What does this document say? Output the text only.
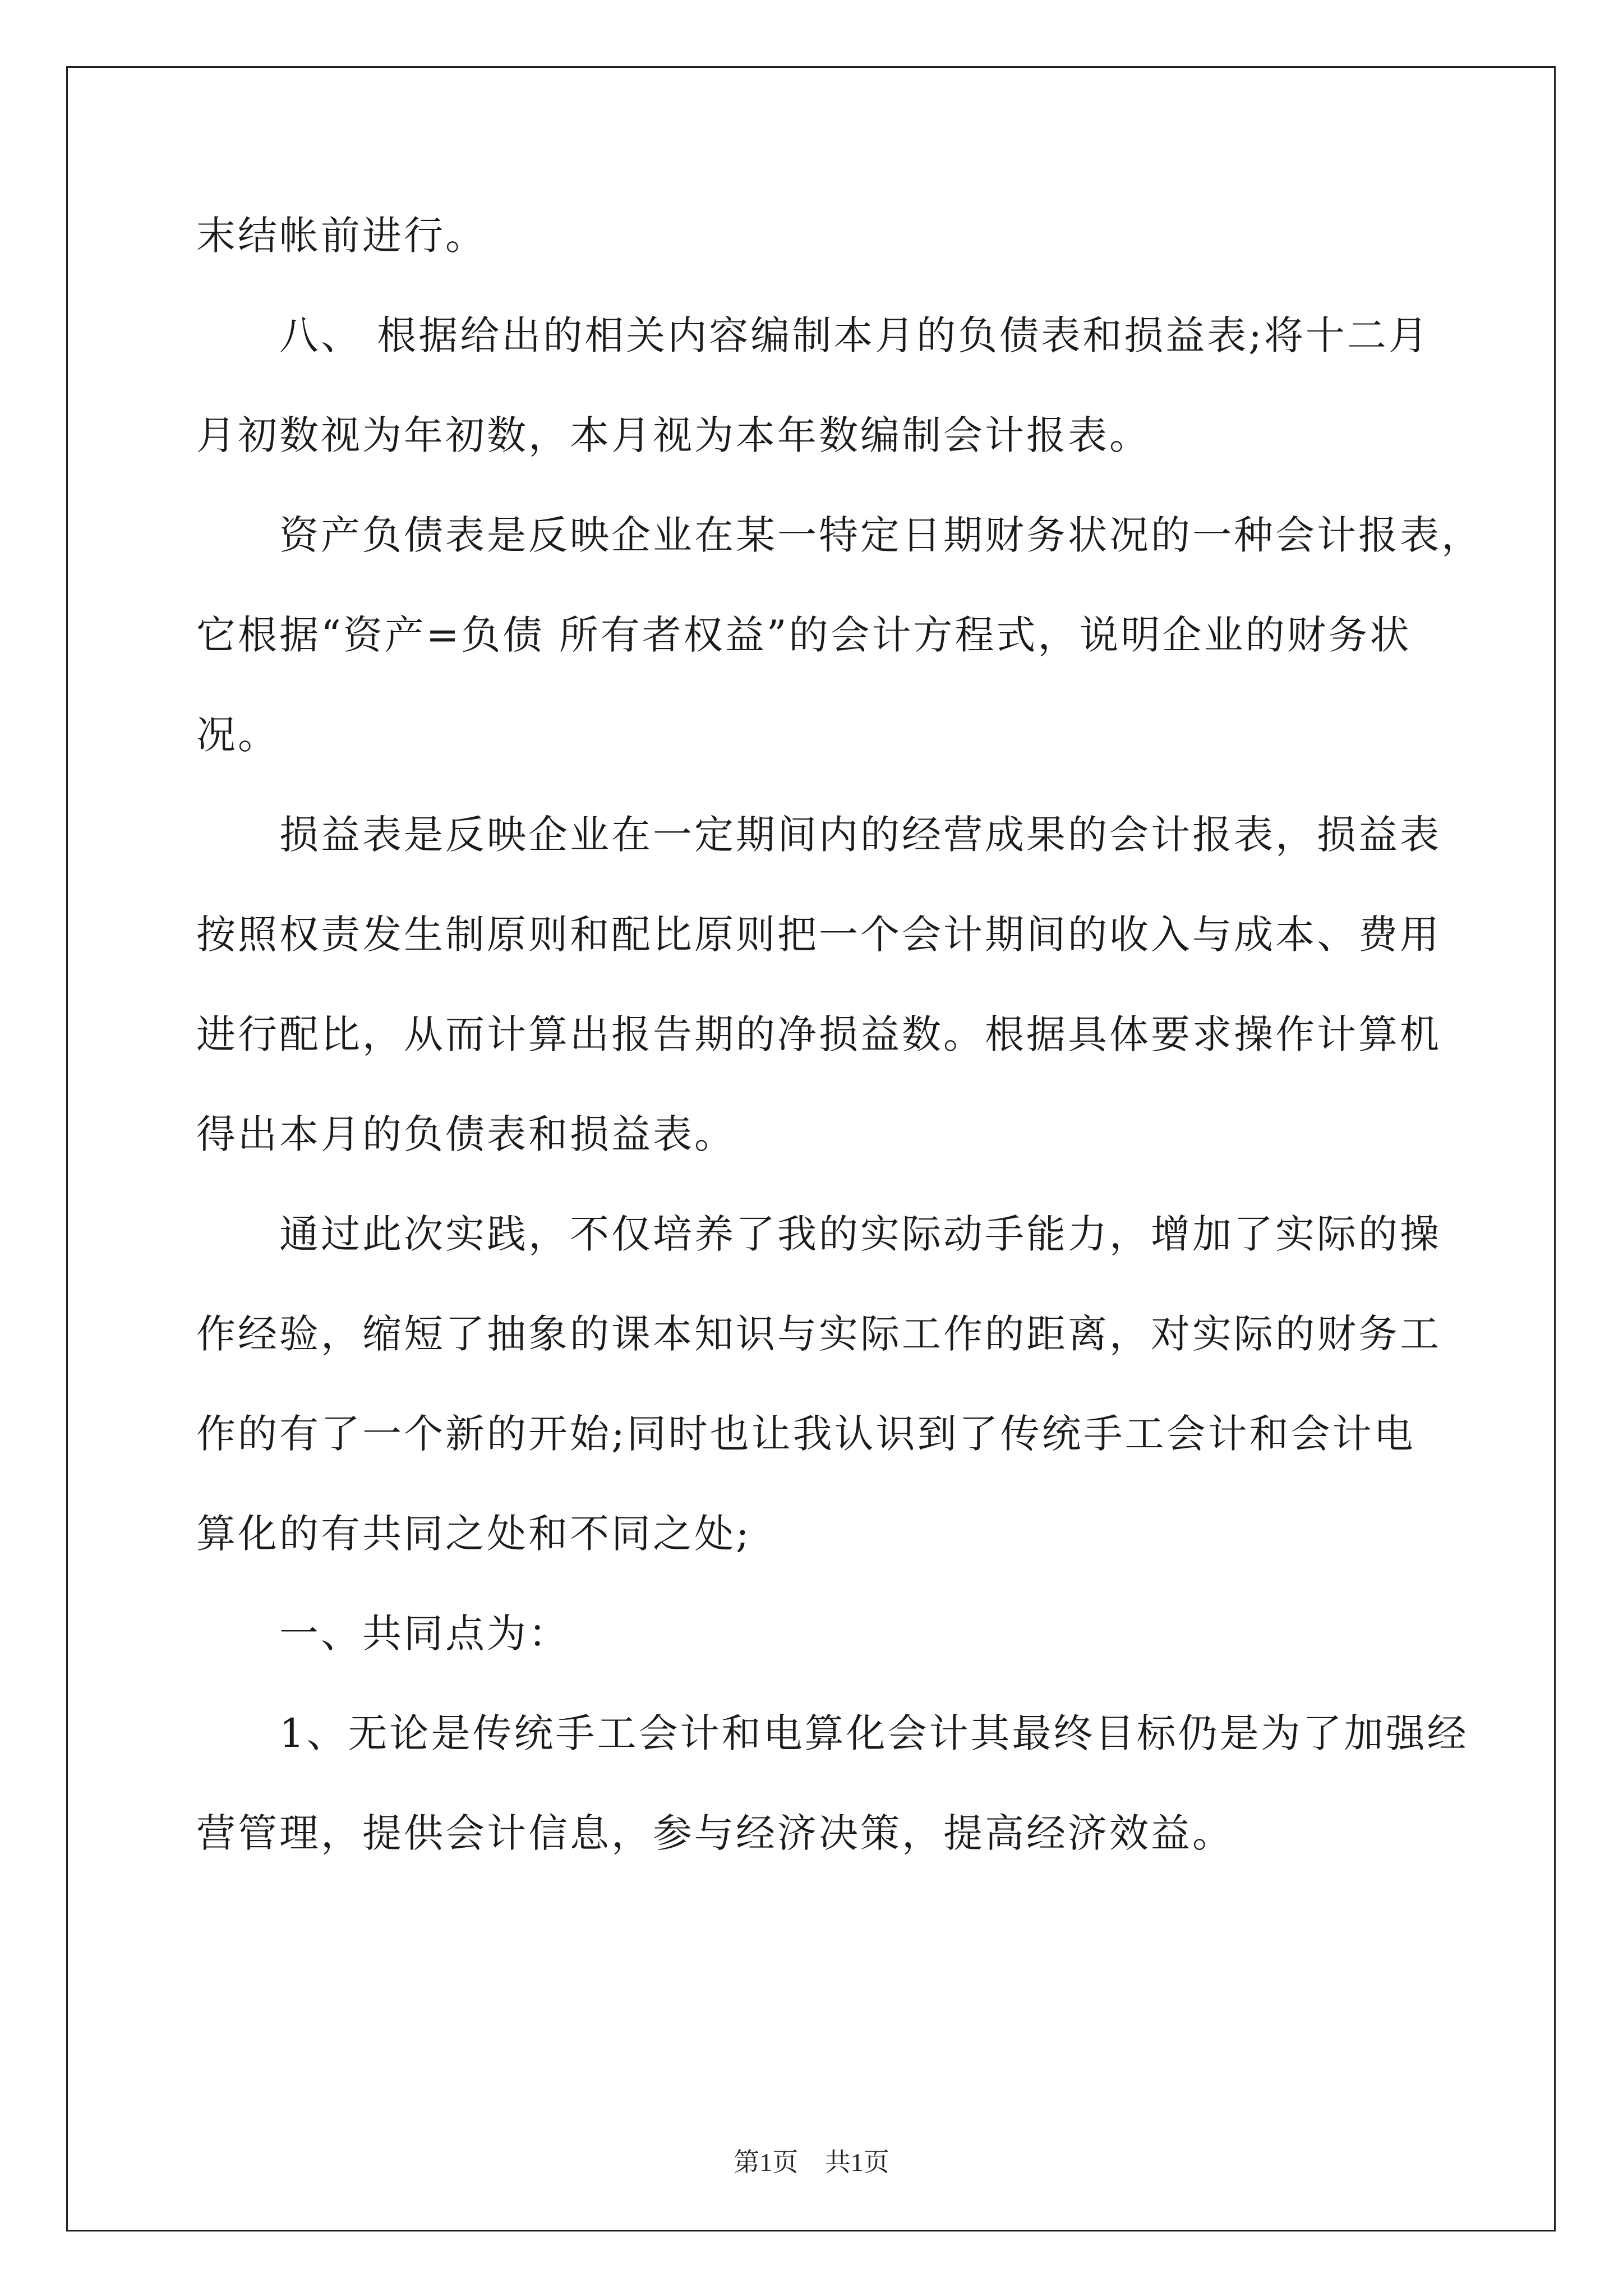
末结帐前进行。
八、 根据给出的相关内容编制本月的负债表和损益表;将十二月
月初数视为年初数，本月视为本年数编制会计报表。
资产负债表是反映企业在某一特定日期财务状况的一种会计报表，
它根据“资产=负债 所有者权益”的会计方程式，说明企业的财务状
况。
损益表是反映企业在一定期间内的经营成果的会计报表，损益表
按照权责发生制原则和配比原则把一个会计期间的收入与成本、费用
进行配比，从而计算出报告期的净损益数。根据具体要求操作计算机
得出本月的负债表和损益表。
通过此次实践，不仅培养了我的实际动手能力，增加了实际的操
作经验，缩短了抽象的课本知识与实际工作的距离，对实际的财务工
作的有了一个新的开始;同时也让我认识到了传统手工会计和会计电
算化的有共同之处和不同之处;
一、共同点为：
1、无论是传统手工会计和电算化会计其最终目标仍是为了加强经
营管理，提供会计信息，参与经济决策，提高经济效益。
第1页 共1页
